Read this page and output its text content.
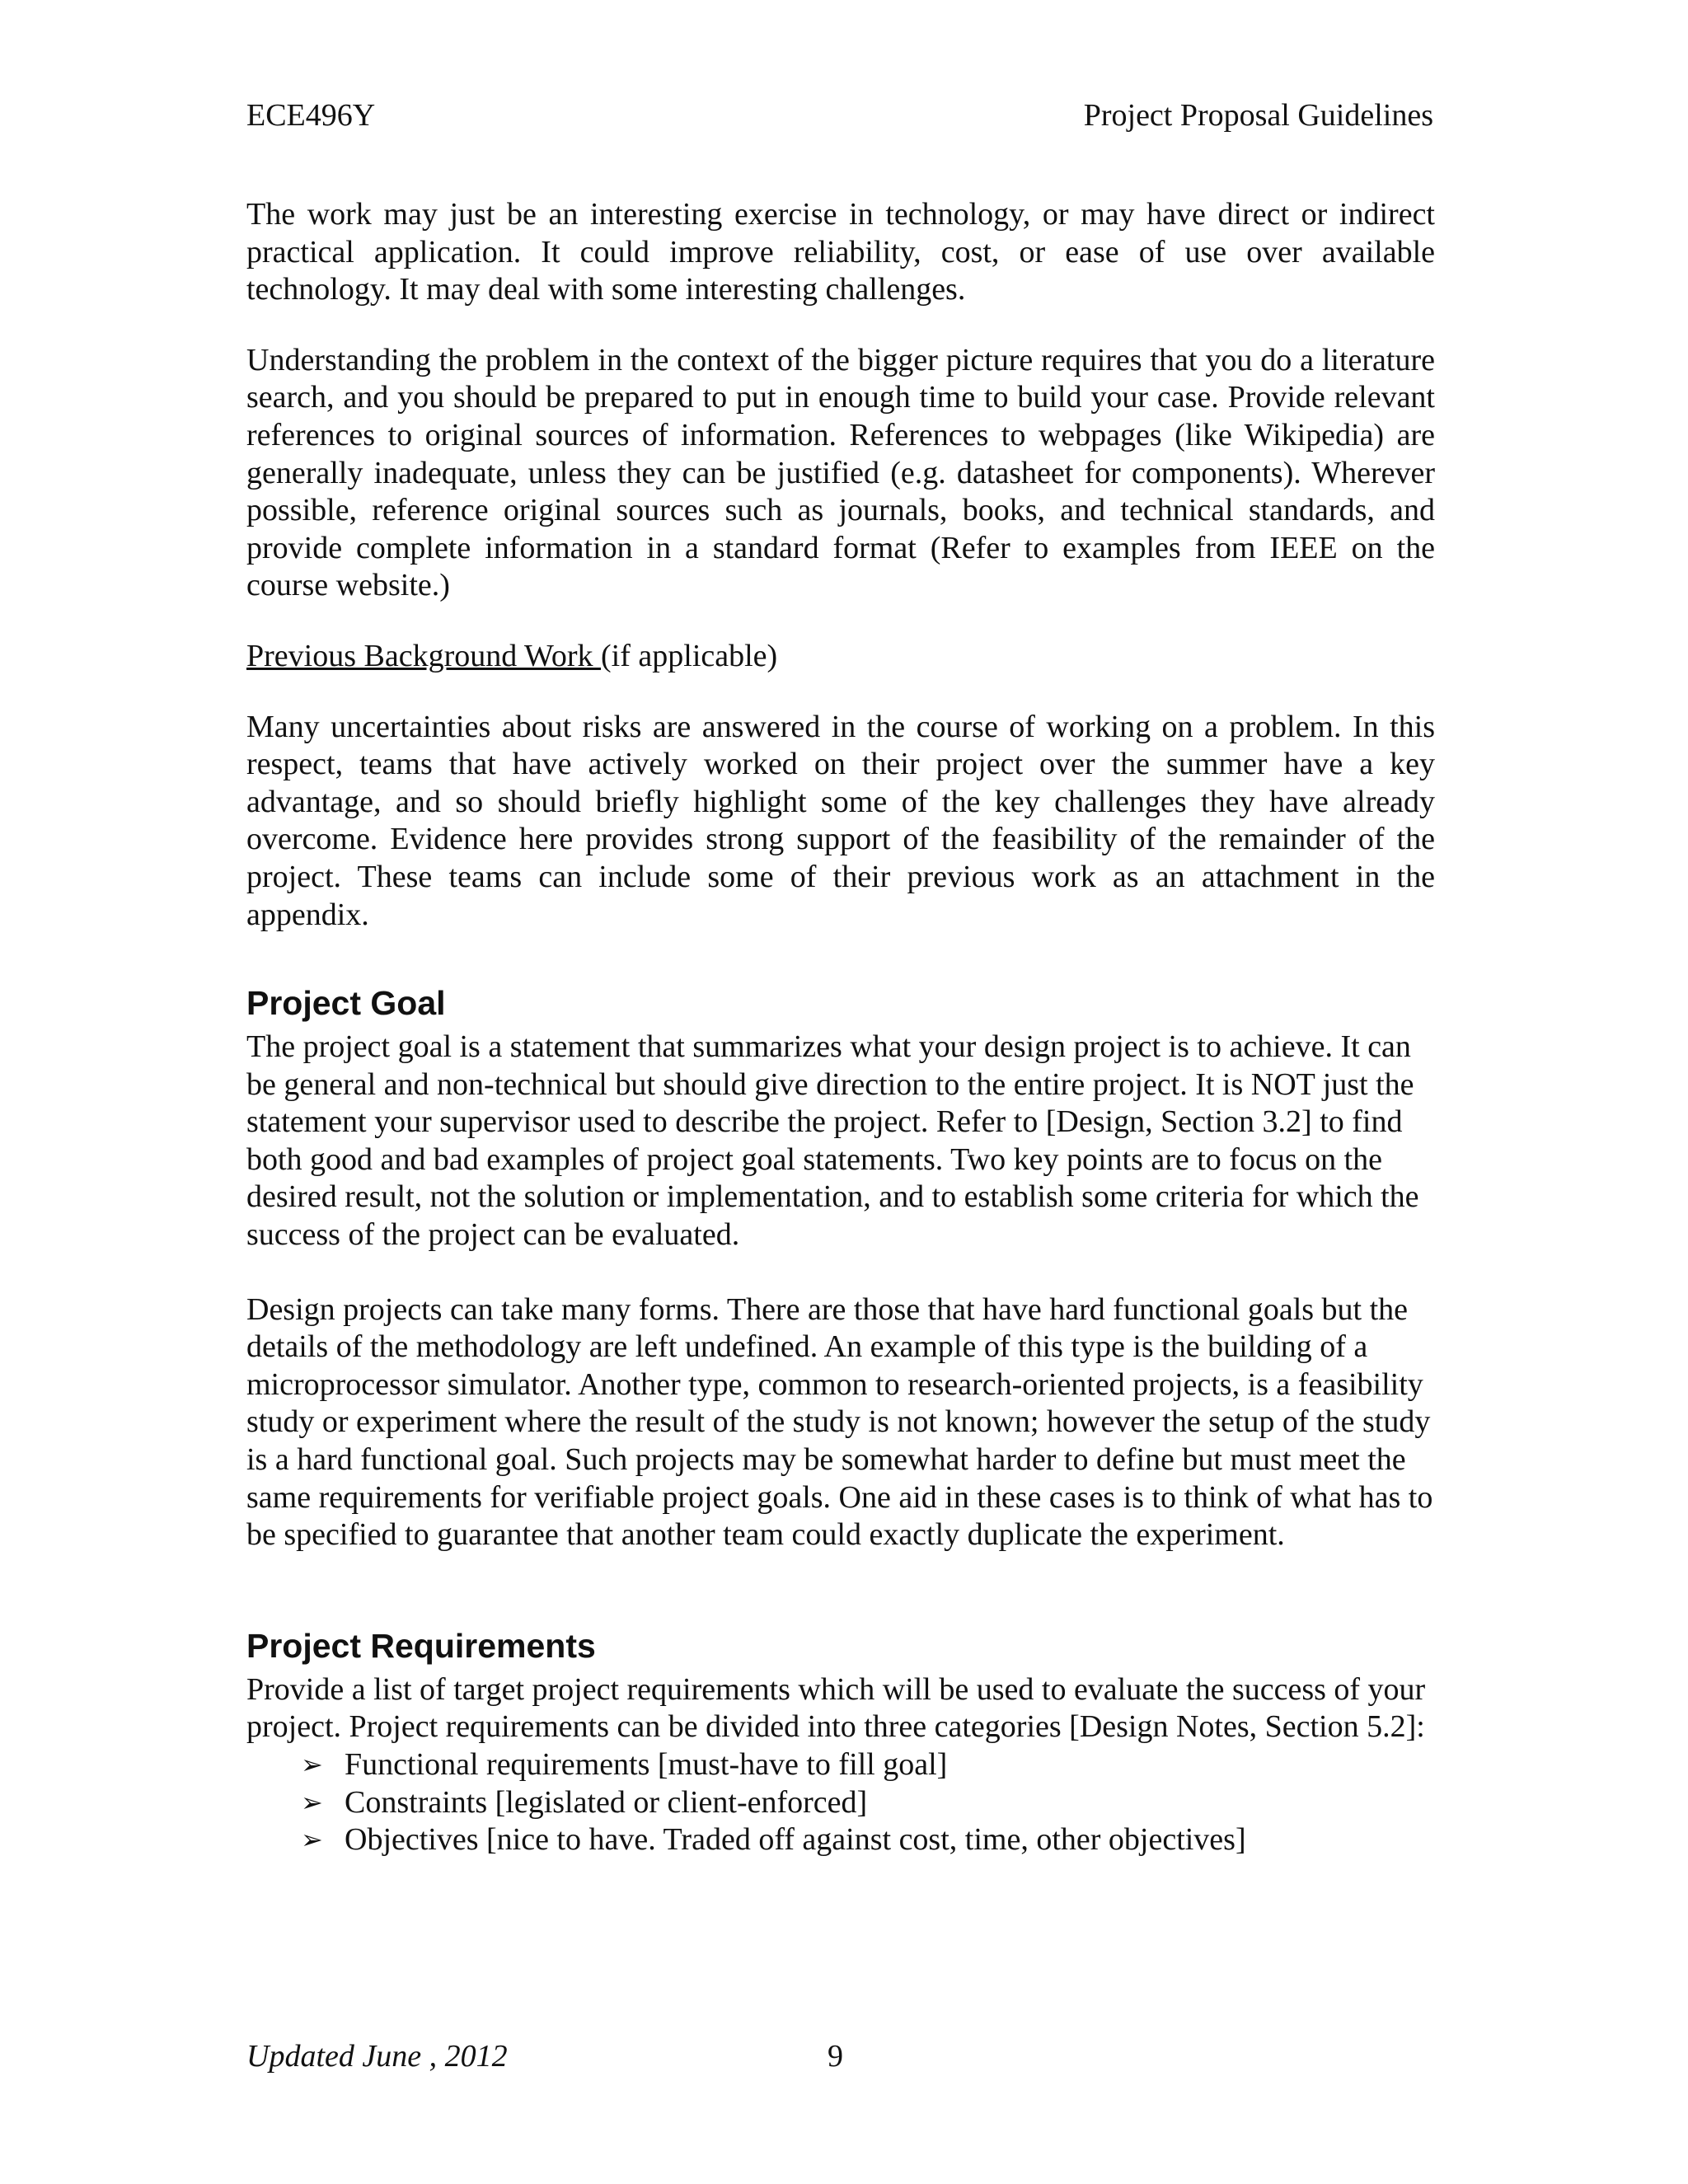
ECE496Y	Project Proposal Guidelines

The work may just be an interesting exercise in technology, or may have direct or indirect practical application. It could improve reliability, cost, or ease of use over available technology. It may deal with some interesting challenges.

Understanding the problem in the context of the bigger picture requires that you do a literature search, and you should be prepared to put in enough time to build your case. Provide relevant references to original sources of information. References to webpages (like Wikipedia) are generally inadequate, unless they can be justified (e.g. datasheet for components). Wherever possible, reference original sources such as journals, books, and technical standards, and provide complete information in a standard format (Refer to examples from IEEE on the course website.)

Previous Background Work (if applicable)

Many uncertainties about risks are answered in the course of working on a problem. In this respect, teams that have actively worked on their project over the summer have a key advantage, and so should briefly highlight some of the key challenges they have already overcome. Evidence here provides strong support of the feasibility of the remainder of the project. These teams can include some of their previous work as an attachment in the appendix.

Project Goal

The project goal is a statement that summarizes what your design project is to achieve. It can be general and non-technical but should give direction to the entire project. It is NOT just the statement your supervisor used to describe the project. Refer to [Design, Section 3.2] to find both good and bad examples of project goal statements. Two key points are to focus on the desired result, not the solution or implementation, and to establish some criteria for which the success of the project can be evaluated.

Design projects can take many forms. There are those that have hard functional goals but the details of the methodology are left undefined. An example of this type is the building of a microprocessor simulator. Another type, common to research-oriented projects, is a feasibility study or experiment where the result of the study is not known; however the setup of the study is a hard functional goal. Such projects may be somewhat harder to define but must meet the same requirements for verifiable project goals. One aid in these cases is to think of what has to be specified to guarantee that another team could exactly duplicate the experiment.

Project Requirements

Provide a list of target project requirements which will be used to evaluate the success of your project. Project requirements can be divided into three categories [Design Notes, Section 5.2]:

➢ Functional requirements [must-have to fill goal]
➢ Constraints [legislated or client-enforced]
➢ Objectives [nice to have. Traded off against cost, time, other objectives]
Updated June , 2012	9
